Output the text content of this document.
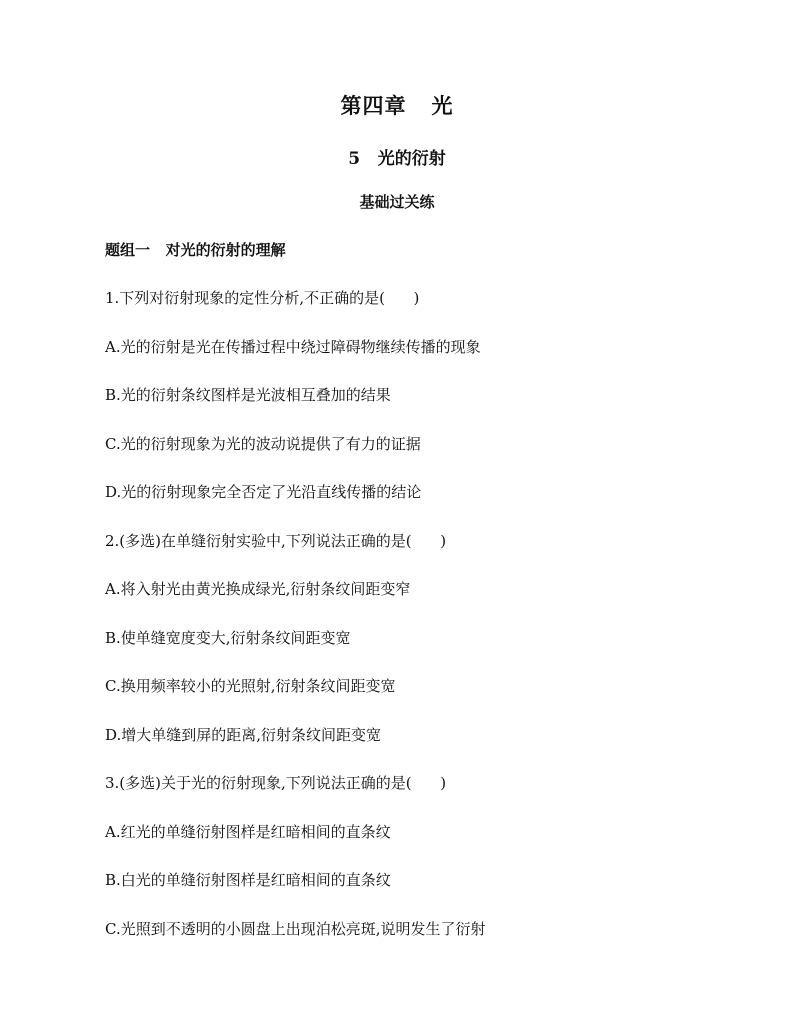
第四章   光
5   光的衍射
基础过关练
题组一   对光的衍射的理解
1.下列对衍射现象的定性分析,不正确的是(      )
A.光的衍射是光在传播过程中绕过障碍物继续传播的现象
B.光的衍射条纹图样是光波相互叠加的结果
C.光的衍射现象为光的波动说提供了有力的证据
D.光的衍射现象完全否定了光沿直线传播的结论
2.(多选)在单缝衍射实验中,下列说法正确的是(      )
A.将入射光由黄光换成绿光,衍射条纹间距变窄
B.使单缝宽度变大,衍射条纹间距变宽
C.换用频率较小的光照射,衍射条纹间距变宽
D.增大单缝到屏的距离,衍射条纹间距变宽
3.(多选)关于光的衍射现象,下列说法正确的是(      )
A.红光的单缝衍射图样是红暗相间的直条纹
B.白光的单缝衍射图样是红暗相间的直条纹
C.光照到不透明的小圆盘上出现泊松亮斑,说明发生了衍射
